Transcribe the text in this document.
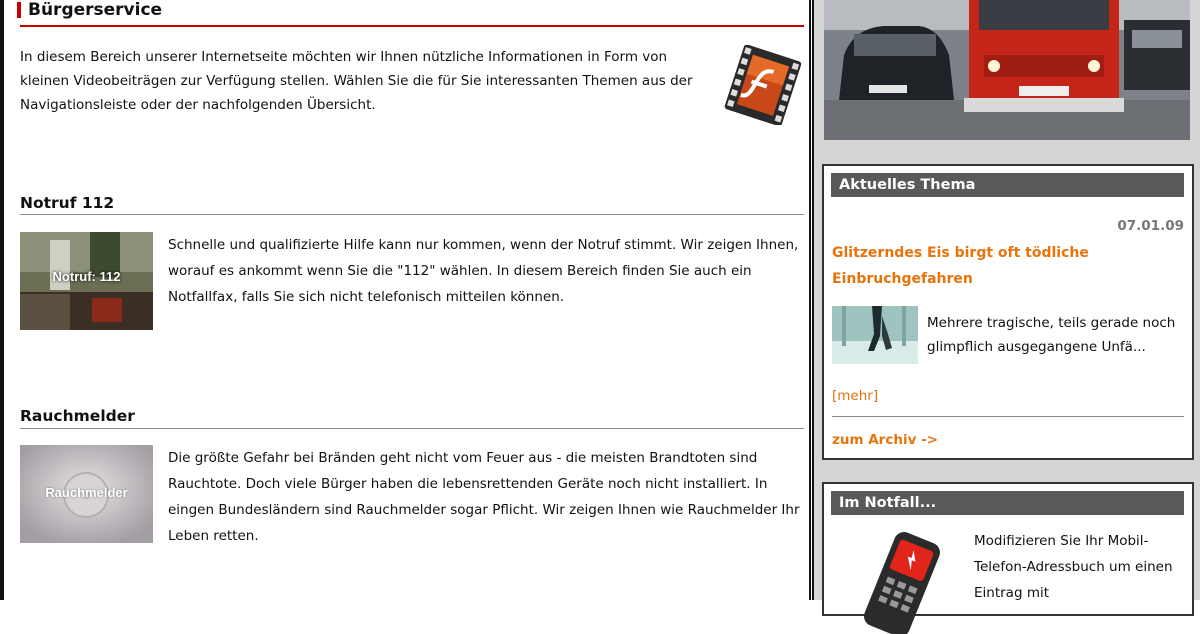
Bürgerservice
In diesem Bereich unserer Internetseite möchten wir Ihnen nützliche Informationen in Form von kleinen Videobeiträgen zur Verfügung stellen. Wählen Sie die für Sie interessanten Themen aus der Navigationsleiste oder der nachfolgenden Übersicht.
Notruf 112
Notruf: 112
Schnelle und qualifizierte Hilfe kann nur kommen, wenn der Notruf stimmt. Wir zeigen Ihnen, worauf es ankommt wenn Sie die "112" wählen. In diesem Bereich finden Sie auch ein Notfallfax, falls Sie sich nicht telefonisch mitteilen können.
Rauchmelder
Rauchmelder
Die größte Gefahr bei Bränden geht nicht vom Feuer aus - die meisten Brandtoten sind Rauchtote. Doch viele Bürger haben die lebensrettenden Geräte noch nicht installiert. In eingen Bundesländern sind Rauchmelder sogar Pflicht. Wir zeigen Ihnen wie Rauchmelder Ihr Leben retten.
Aktuelles Thema
07.01.09
Glitzerndes Eis birgt oft tödliche Einbruchgefahren
Mehrere tragische, teils gerade noch glimpflich ausgegangene Unfä...
[mehr]
zum Archiv ->
Im Notfall...
Modifizieren Sie Ihr Mobil-Telefon-Adressbuch um einen Eintrag mit
